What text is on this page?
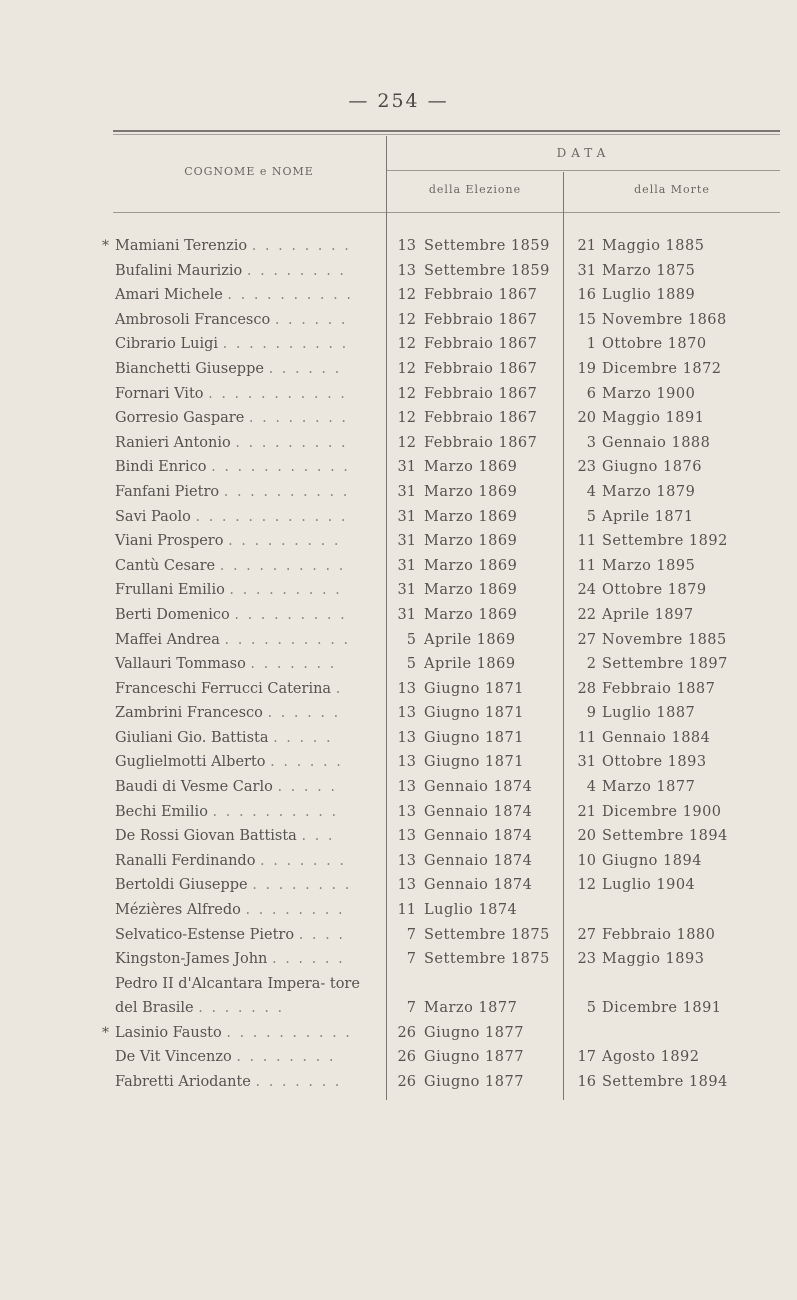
— 254 —
COGNOME e NOME
DATA
della Elezione	della Morte
* Mamiani Terenzio . . . . . . . .	13 Settembre 1859	21 Maggio 1885
Bufalini Maurizio . . . . . . . .	13 Settembre 1859	31 Marzo 1875
Amari Michele . . . . . . . . . .	12 Febbraio 1867	16 Luglio 1889
Ambrosoli Francesco . . . . . .	12 Febbraio 1867	15 Novembre 1868
Cibrario Luigi . . . . . . . . . .	12 Febbraio 1867	1 Ottobre 1870
Bianchetti Giuseppe . . . . . .	12 Febbraio 1867	19 Dicembre 1872
Fornari Vito . . . . . . . . . . .	12 Febbraio 1867	6 Marzo 1900
Gorresio Gaspare . . . . . . . .	12 Febbraio 1867	20 Maggio 1891
Ranieri Antonio . . . . . . . . .	12 Febbraio 1867	3 Gennaio 1888
Bindi Enrico . . . . . . . . . . .	31 Marzo 1869	23 Giugno 1876
Fanfani Pietro . . . . . . . . . .	31 Marzo 1869	4 Marzo 1879
Savi Paolo . . . . . . . . . . . .	31 Marzo 1869	5 Aprile 1871
Viani Prospero . . . . . . . . .	31 Marzo 1869	11 Settembre 1892
Cantù Cesare . . . . . . . . . .	31 Marzo 1869	11 Marzo 1895
Frullani Emilio . . . . . . . . .	31 Marzo 1869	24 Ottobre 1879
Berti Domenico . . . . . . . . .	31 Marzo 1869	22 Aprile 1897
Maffei Andrea . . . . . . . . . .	5 Aprile 1869	27 Novembre 1885
Vallauri Tommaso . . . . . . .	5 Aprile 1869	2 Settembre 1897
Franceschi Ferrucci Caterina .	13 Giugno 1871	28 Febbraio 1887
Zambrini Francesco . . . . . .	13 Giugno 1871	9 Luglio 1887
Giuliani Gio. Battista . . . . .	13 Giugno 1871	11 Gennaio 1884
Guglielmotti Alberto . . . . . .	13 Giugno 1871	31 Ottobre 1893
Baudi di Vesme Carlo . . . . .	13 Gennaio 1874	4 Marzo 1877
Bechi Emilio . . . . . . . . . .	13 Gennaio 1874	21 Dicembre 1900
De Rossi Giovan Battista . . .	13 Gennaio 1874	20 Settembre 1894
Ranalli Ferdinando . . . . . . .	13 Gennaio 1874	10 Giugno 1894
Bertoldi Giuseppe . . . . . . . .	13 Gennaio 1874	12 Luglio 1904
Mézières Alfredo . . . . . . . .	11 Luglio 1874
Selvatico-Estense Pietro . . . .	7 Settembre 1875	27 Febbraio 1880
Kingston-James John . . . . . .	7 Settembre 1875	23 Maggio 1893
Pedro II d'Alcantara Impera- tore del Brasile . . . . . . .	7 Marzo 1877	5 Dicembre 1891
* Lasinio Fausto . . . . . . . . . .	26 Giugno 1877
De Vit Vincenzo . . . . . . . .	26 Giugno 1877	17 Agosto 1892
Fabretti Ariodante . . . . . . .	26 Giugno 1877	16 Settembre 1894
